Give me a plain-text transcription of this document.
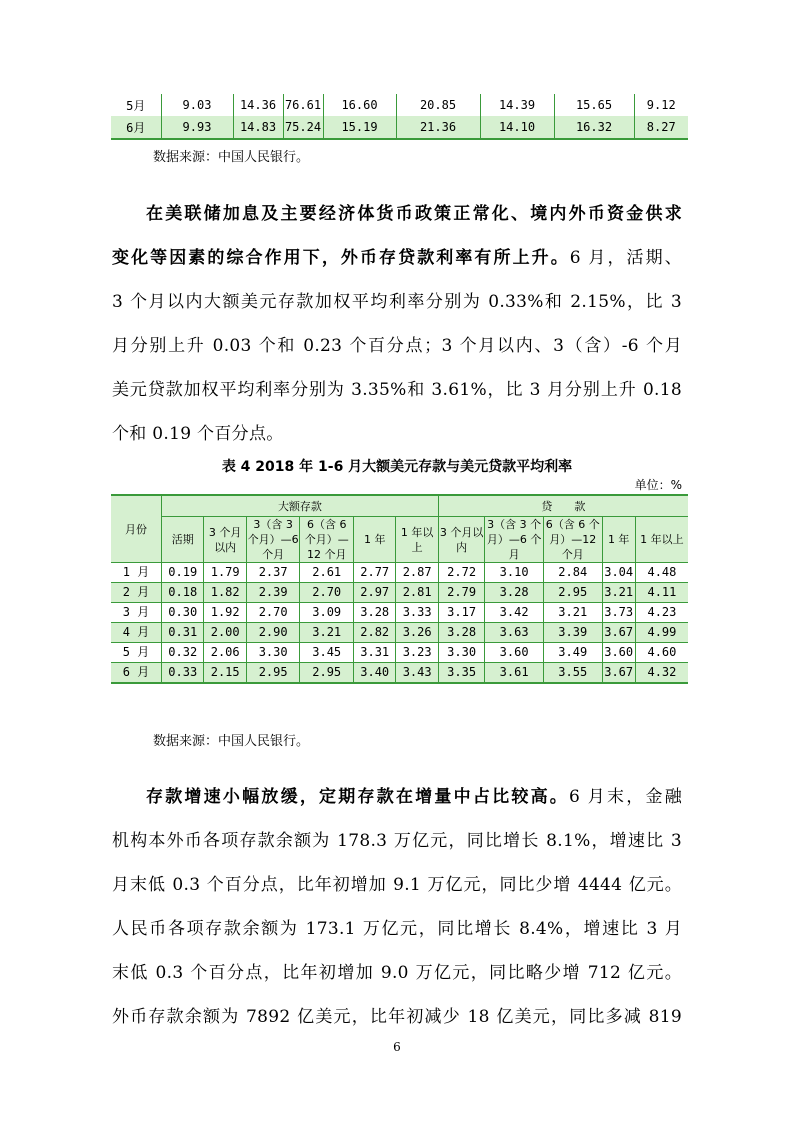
5月	9.03	14.36	76.61	16.60	20.85	14.39	15.65	9.12
6月	9.93	14.83	75.24	15.19	21.36	14.10	16.32	8.27
数据来源：中国人民银行。

在美联储加息及主要经济体货币政策正常化、境内外币资金供求

变化等因素的综合作用下，外币存贷款利率有所上升。6 月，活期、

3 个月以内大额美元存款加权平均利率分别为 0.33%和 2.15%，比 3

月分别上升 0.03 个和 0.23 个百分点；3 个月以内、3（含）-6 个月

美元贷款加权平均利率分别为 3.35%和 3.61%，比 3 月分别上升 0.18

个和 0.19 个百分点。

表 4 2018 年 1-6 月大额美元存款与美元贷款平均利率
单位：%
月份	大额存款						贷　　款				
	活期	3 个月以内	3（含 3 个月）—6 个月	6（含 6 个月）—12 个月	1 年	1 年以上	3 个月以内	3（含 3 个月）—6 个月	6（含 6 个月）—12 个月	1 年	1 年以上
1 月	0.19	1.79	2.37	2.61	2.77	2.87	2.72	3.10	2.84	3.04	4.48
2 月	0.18	1.82	2.39	2.70	2.97	2.81	2.79	3.28	2.95	3.21	4.11
3 月	0.30	1.92	2.70	3.09	3.28	3.33	3.17	3.42	3.21	3.73	4.23
4 月	0.31	2.00	2.90	3.21	2.82	3.26	3.28	3.63	3.39	3.67	4.99
5 月	0.32	2.06	3.30	3.45	3.31	3.23	3.30	3.60	3.49	3.60	4.60
6 月	0.33	2.15	2.95	2.95	3.40	3.43	3.35	3.61	3.55	3.67	4.32
数据来源：中国人民银行。

存款增速小幅放缓，定期存款在增量中占比较高。6 月末，金融

机构本外币各项存款余额为 178.3 万亿元，同比增长 8.1%，增速比 3

月末低 0.3 个百分点，比年初增加 9.1 万亿元，同比少增 4444 亿元。

人民币各项存款余额为 173.1 万亿元，同比增长 8.4%，增速比 3 月

末低 0.3 个百分点，比年初增加 9.0 万亿元，同比略少增 712 亿元。

外币存款余额为 7892 亿美元，比年初减少 18 亿美元，同比多减 819

6
